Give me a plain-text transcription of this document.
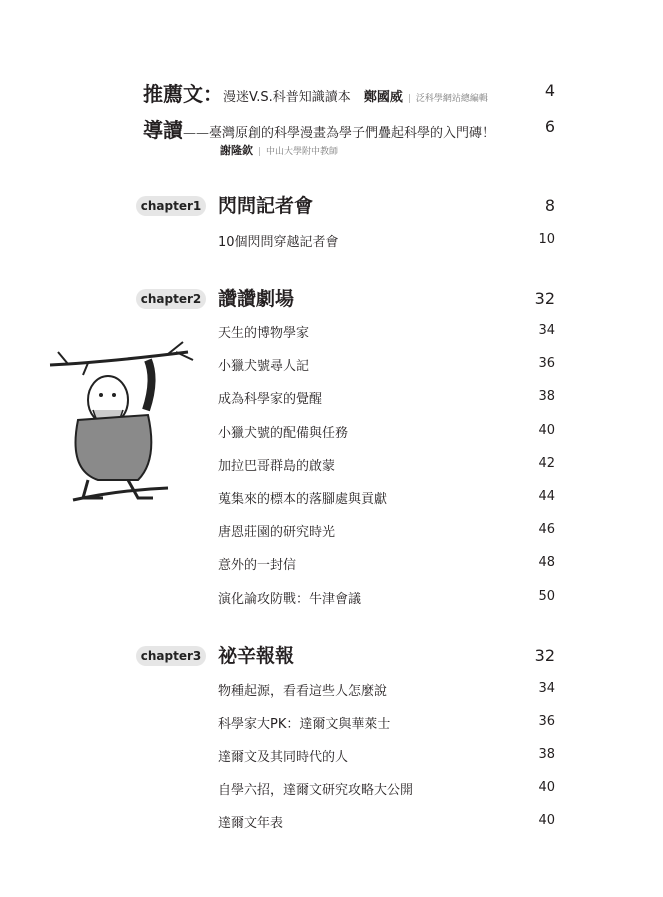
推薦文：漫迷V.S.科普知識讀本 鄭國威 | 泛科學網站總編輯	4
導讀——臺灣原創的科學漫畫為學子們疊起科學的入門磚！	6
謝隆欽 | 中山大學附中教師
chapter1 閃問記者會	8
10個閃問穿越記者會	10
chapter2 讚讚劇場	32
天生的博物學家	34
小獵犬號尋人記	36
成為科學家的覺醒	38
小獵犬號的配備與任務	40
加拉巴哥群島的啟蒙	42
蒐集來的標本的落腳處與貢獻	44
唐恩莊園的研究時光	46
意外的一封信	48
演化論攻防戰：牛津會議	50
chapter3 祕辛報報	32
物種起源，看看這些人怎麼說	34
科學家大PK：達爾文與華萊士	36
達爾文及其同時代的人	38
自學六招，達爾文研究攻略大公開	40
達爾文年表	40
